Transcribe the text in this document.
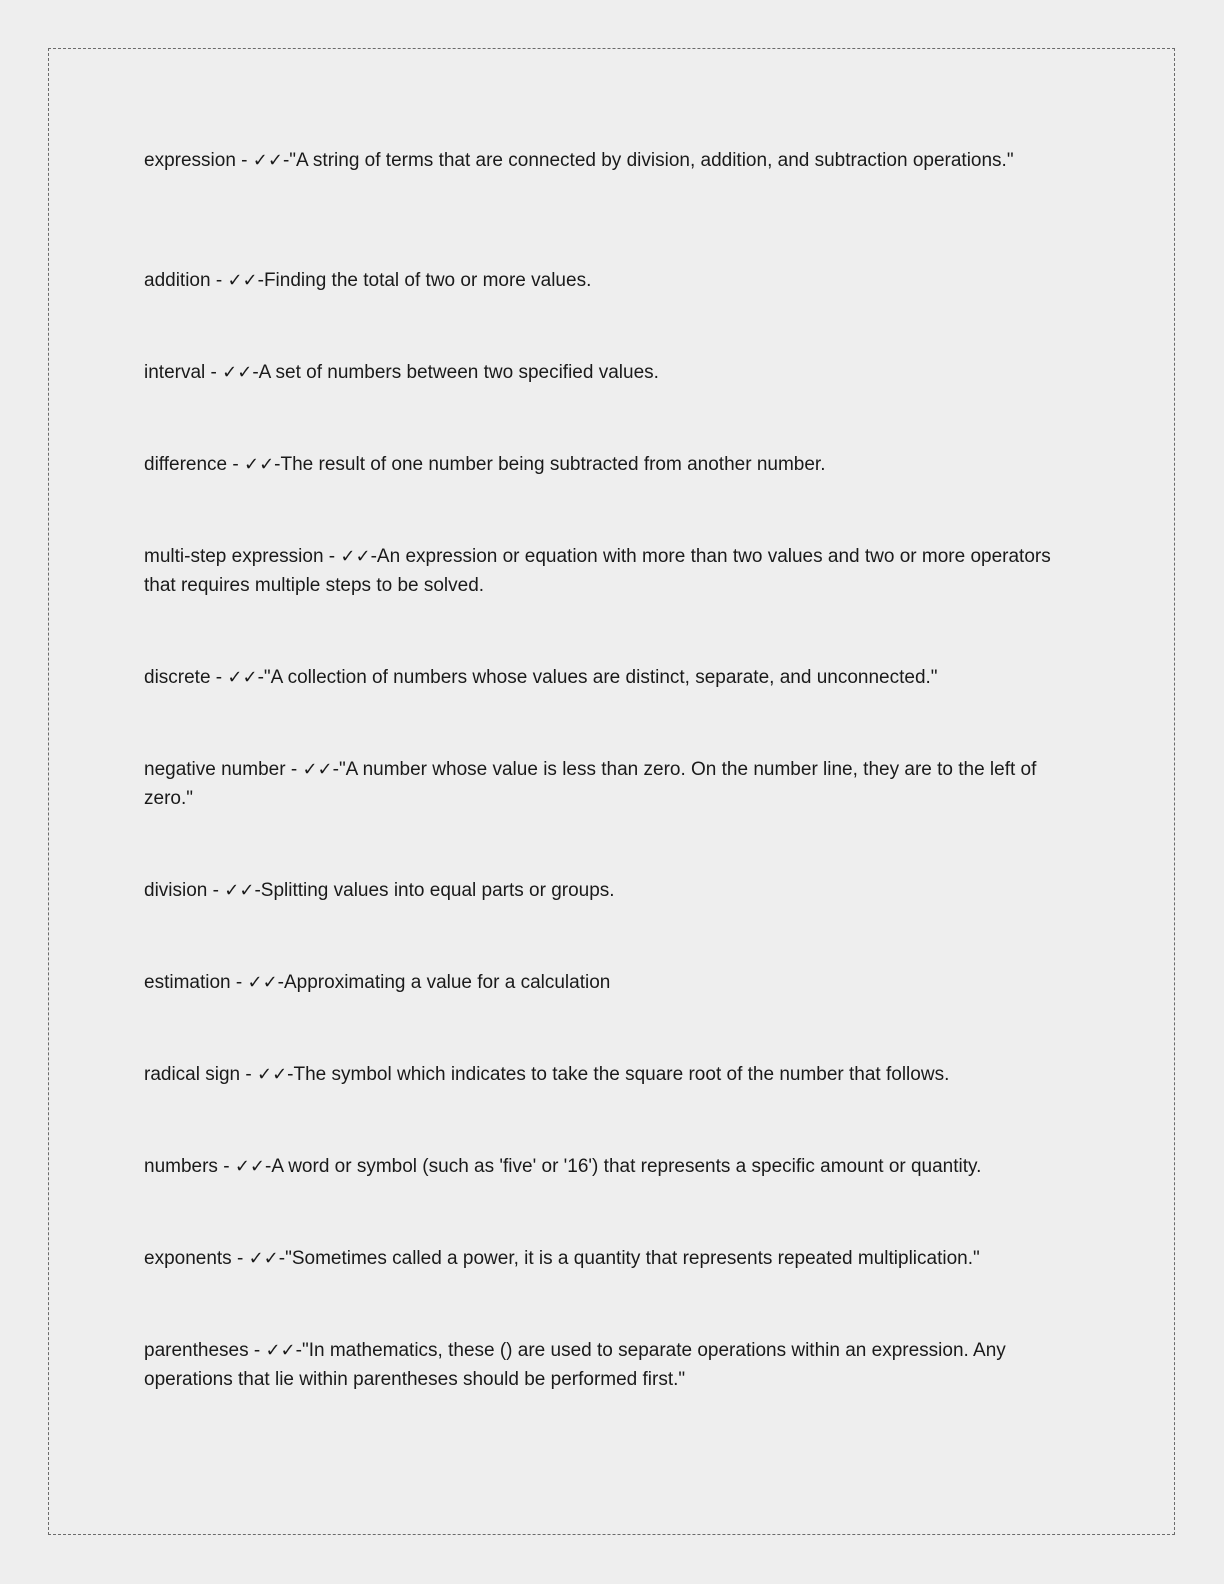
expression - ✓✓-"A string of terms that are connected by division, addition, and subtraction operations."
addition - ✓✓-Finding the total of two or more values.
interval - ✓✓-A set of numbers between two specified values.
difference - ✓✓-The result of one number being subtracted from another number.
multi-step expression - ✓✓-An expression or equation with more than two values and two or more operators that requires multiple steps to be solved.
discrete - ✓✓-"A collection of numbers whose values are distinct, separate, and unconnected."
negative number - ✓✓-"A number whose value is less than zero. On the number line, they are to the left of zero."
division - ✓✓-Splitting values into equal parts or groups.
estimation - ✓✓-Approximating a value for a calculation
radical sign - ✓✓-The symbol which indicates to take the square root of the number that follows.
numbers - ✓✓-A word or symbol (such as 'five' or '16') that represents a specific amount or quantity.
exponents - ✓✓-"Sometimes called a power, it is a quantity that represents repeated multiplication."
parentheses - ✓✓-"In mathematics, these () are used to separate operations within an expression. Any operations that lie within parentheses should be performed first."
